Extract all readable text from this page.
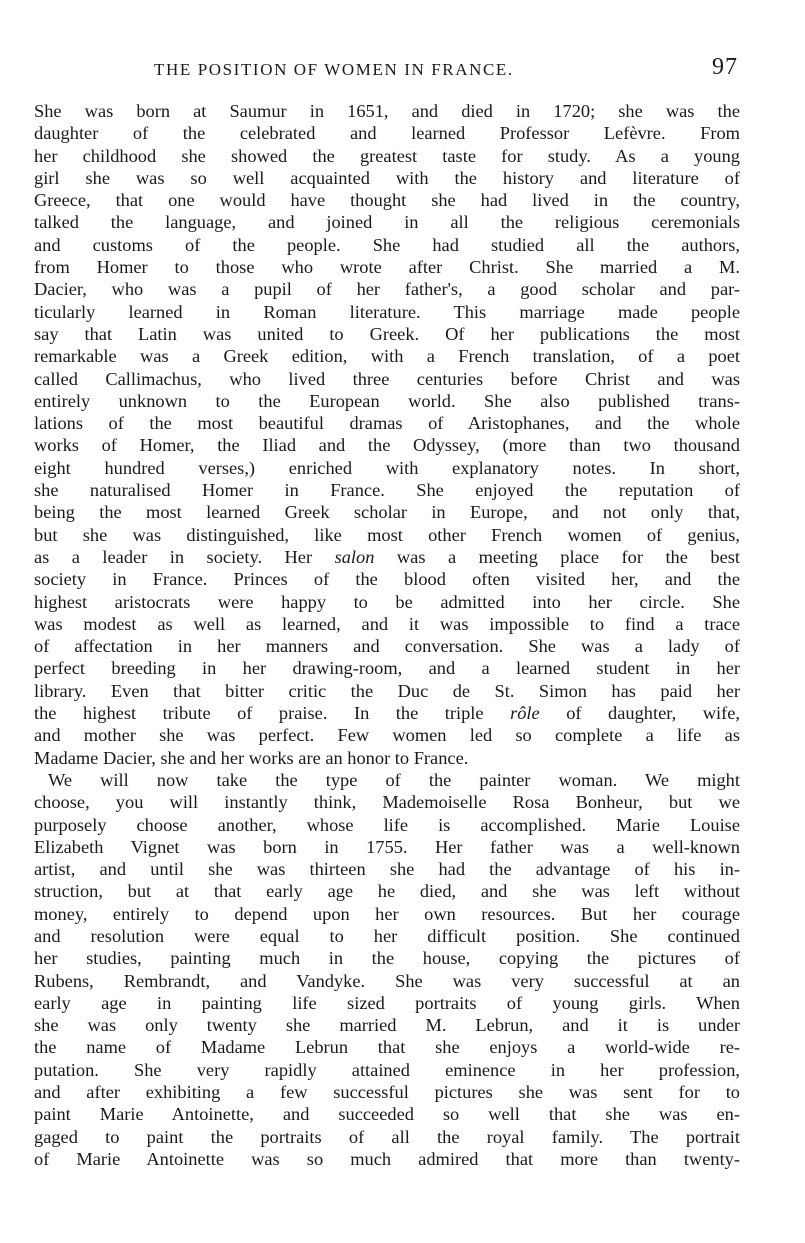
THE POSITION OF WOMEN IN FRANCE.	97
She was born at Saumur in 1651, and died in 1720; she was the
daughter of the celebrated and learned Professor Lefèvre. From
her childhood she showed the greatest taste for study. As a young
girl she was so well acquainted with the history and literature of
Greece, that one would have thought she had lived in the country,
talked the language, and joined in all the religious ceremonials
and customs of the people. She had studied all the authors,
from Homer to those who wrote after Christ. She married a M.
Dacier, who was a pupil of her father's, a good scholar and par-
ticularly learned in Roman literature. This marriage made people
say that Latin was united to Greek. Of her publications the most
remarkable was a Greek edition, with a French translation, of a poet
called Callimachus, who lived three centuries before Christ and was
entirely unknown to the European world. She also published trans-
lations of the most beautiful dramas of Aristophanes, and the whole
works of Homer, the Iliad and the Odyssey, (more than two thousand
eight hundred verses,) enriched with explanatory notes. In short,
she naturalised Homer in France. She enjoyed the reputation of
being the most learned Greek scholar in Europe, and not only that,
but she was distinguished, like most other French women of genius,
as a leader in society. Her salon was a meeting place for the best
society in France. Princes of the blood often visited her, and the
highest aristocrats were happy to be admitted into her circle. She
was modest as well as learned, and it was impossible to find a trace
of affectation in her manners and conversation. She was a lady of
perfect breeding in her drawing-room, and a learned student in her
library. Even that bitter critic the Duc de St. Simon has paid her
the highest tribute of praise. In the triple rôle of daughter, wife,
and mother she was perfect. Few women led so complete a life as
Madame Dacier, she and her works are an honor to France.
We will now take the type of the painter woman. We might
choose, you will instantly think, Mademoiselle Rosa Bonheur, but we
purposely choose another, whose life is accomplished. Marie Louise
Elizabeth Vignet was born in 1755. Her father was a well-known
artist, and until she was thirteen she had the advantage of his in-
struction, but at that early age he died, and she was left without
money, entirely to depend upon her own resources. But her courage
and resolution were equal to her difficult position. She continued
her studies, painting much in the house, copying the pictures of
Rubens, Rembrandt, and Vandyke. She was very successful at an
early age in painting life sized portraits of young girls. When
she was only twenty she married M. Lebrun, and it is under
the name of Madame Lebrun that she enjoys a world-wide re-
putation. She very rapidly attained eminence in her profession,
and after exhibiting a few successful pictures she was sent for to
paint Marie Antoinette, and succeeded so well that she was en-
gaged to paint the portraits of all the royal family. The portrait
of Marie Antoinette was so much admired that more than twenty-
